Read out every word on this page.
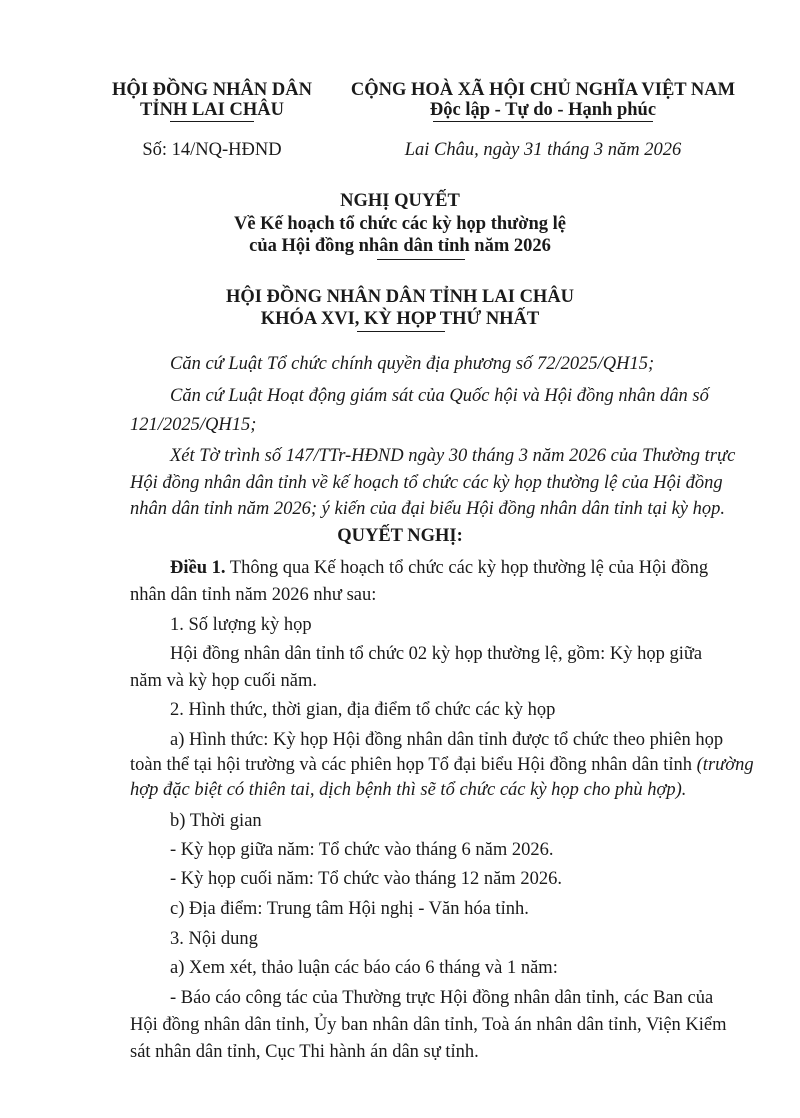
HỘI ĐỒNG NHÂN DÂN
TỈNH LAI CHÂU
CỘNG HOÀ XÃ HỘI CHỦ NGHĨA VIỆT NAM
Độc lập - Tự do - Hạnh phúc
Số: 14/NQ-HĐND	Lai Châu, ngày 31 tháng 3 năm 2026
NGHỊ QUYẾT
Về Kế hoạch tổ chức các kỳ họp thường lệ
của Hội đồng nhân dân tỉnh năm 2026
HỘI ĐỒNG NHÂN DÂN TỈNH LAI CHÂU
KHÓA XVI, KỲ HỌP THỨ NHẤT
Căn cứ Luật Tổ chức chính quyền địa phương số 72/2025/QH15;
Căn cứ Luật Hoạt động giám sát của Quốc hội và Hội đồng nhân dân số
121/2025/QH15;
Xét Tờ trình số 147/TTr-HĐND ngày 30 tháng 3 năm 2026 của Thường trực
Hội đồng nhân dân tỉnh về kế hoạch tổ chức các kỳ họp thường lệ của Hội đồng
nhân dân tỉnh năm 2026; ý kiến của đại biểu Hội đồng nhân dân tỉnh tại kỳ họp.
QUYẾT NGHỊ:
Điều 1. Thông qua Kế hoạch tổ chức các kỳ họp thường lệ của Hội đồng
nhân dân tỉnh năm 2026 như sau:
1. Số lượng kỳ họp
Hội đồng nhân dân tỉnh tổ chức 02 kỳ họp thường lệ, gồm: Kỳ họp giữa
năm và kỳ họp cuối năm.
2. Hình thức, thời gian, địa điểm tổ chức các kỳ họp
a) Hình thức: Kỳ họp Hội đồng nhân dân tỉnh được tổ chức theo phiên họp
toàn thể tại hội trường và các phiên họp Tổ đại biểu Hội đồng nhân dân tỉnh (trường
hợp đặc biệt có thiên tai, dịch bệnh thì sẽ tổ chức các kỳ họp cho phù hợp).
b) Thời gian
- Kỳ họp giữa năm: Tổ chức vào tháng 6 năm 2026.
- Kỳ họp cuối năm: Tổ chức vào tháng 12 năm 2026.
c) Địa điểm: Trung tâm Hội nghị - Văn hóa tỉnh.
3. Nội dung
a) Xem xét, thảo luận các báo cáo 6 tháng và 1 năm:
- Báo cáo công tác của Thường trực Hội đồng nhân dân tỉnh, các Ban của
Hội đồng nhân dân tỉnh, Ủy ban nhân dân tỉnh, Toà án nhân dân tỉnh, Viện Kiểm
sát nhân dân tỉnh, Cục Thi hành án dân sự tỉnh.
